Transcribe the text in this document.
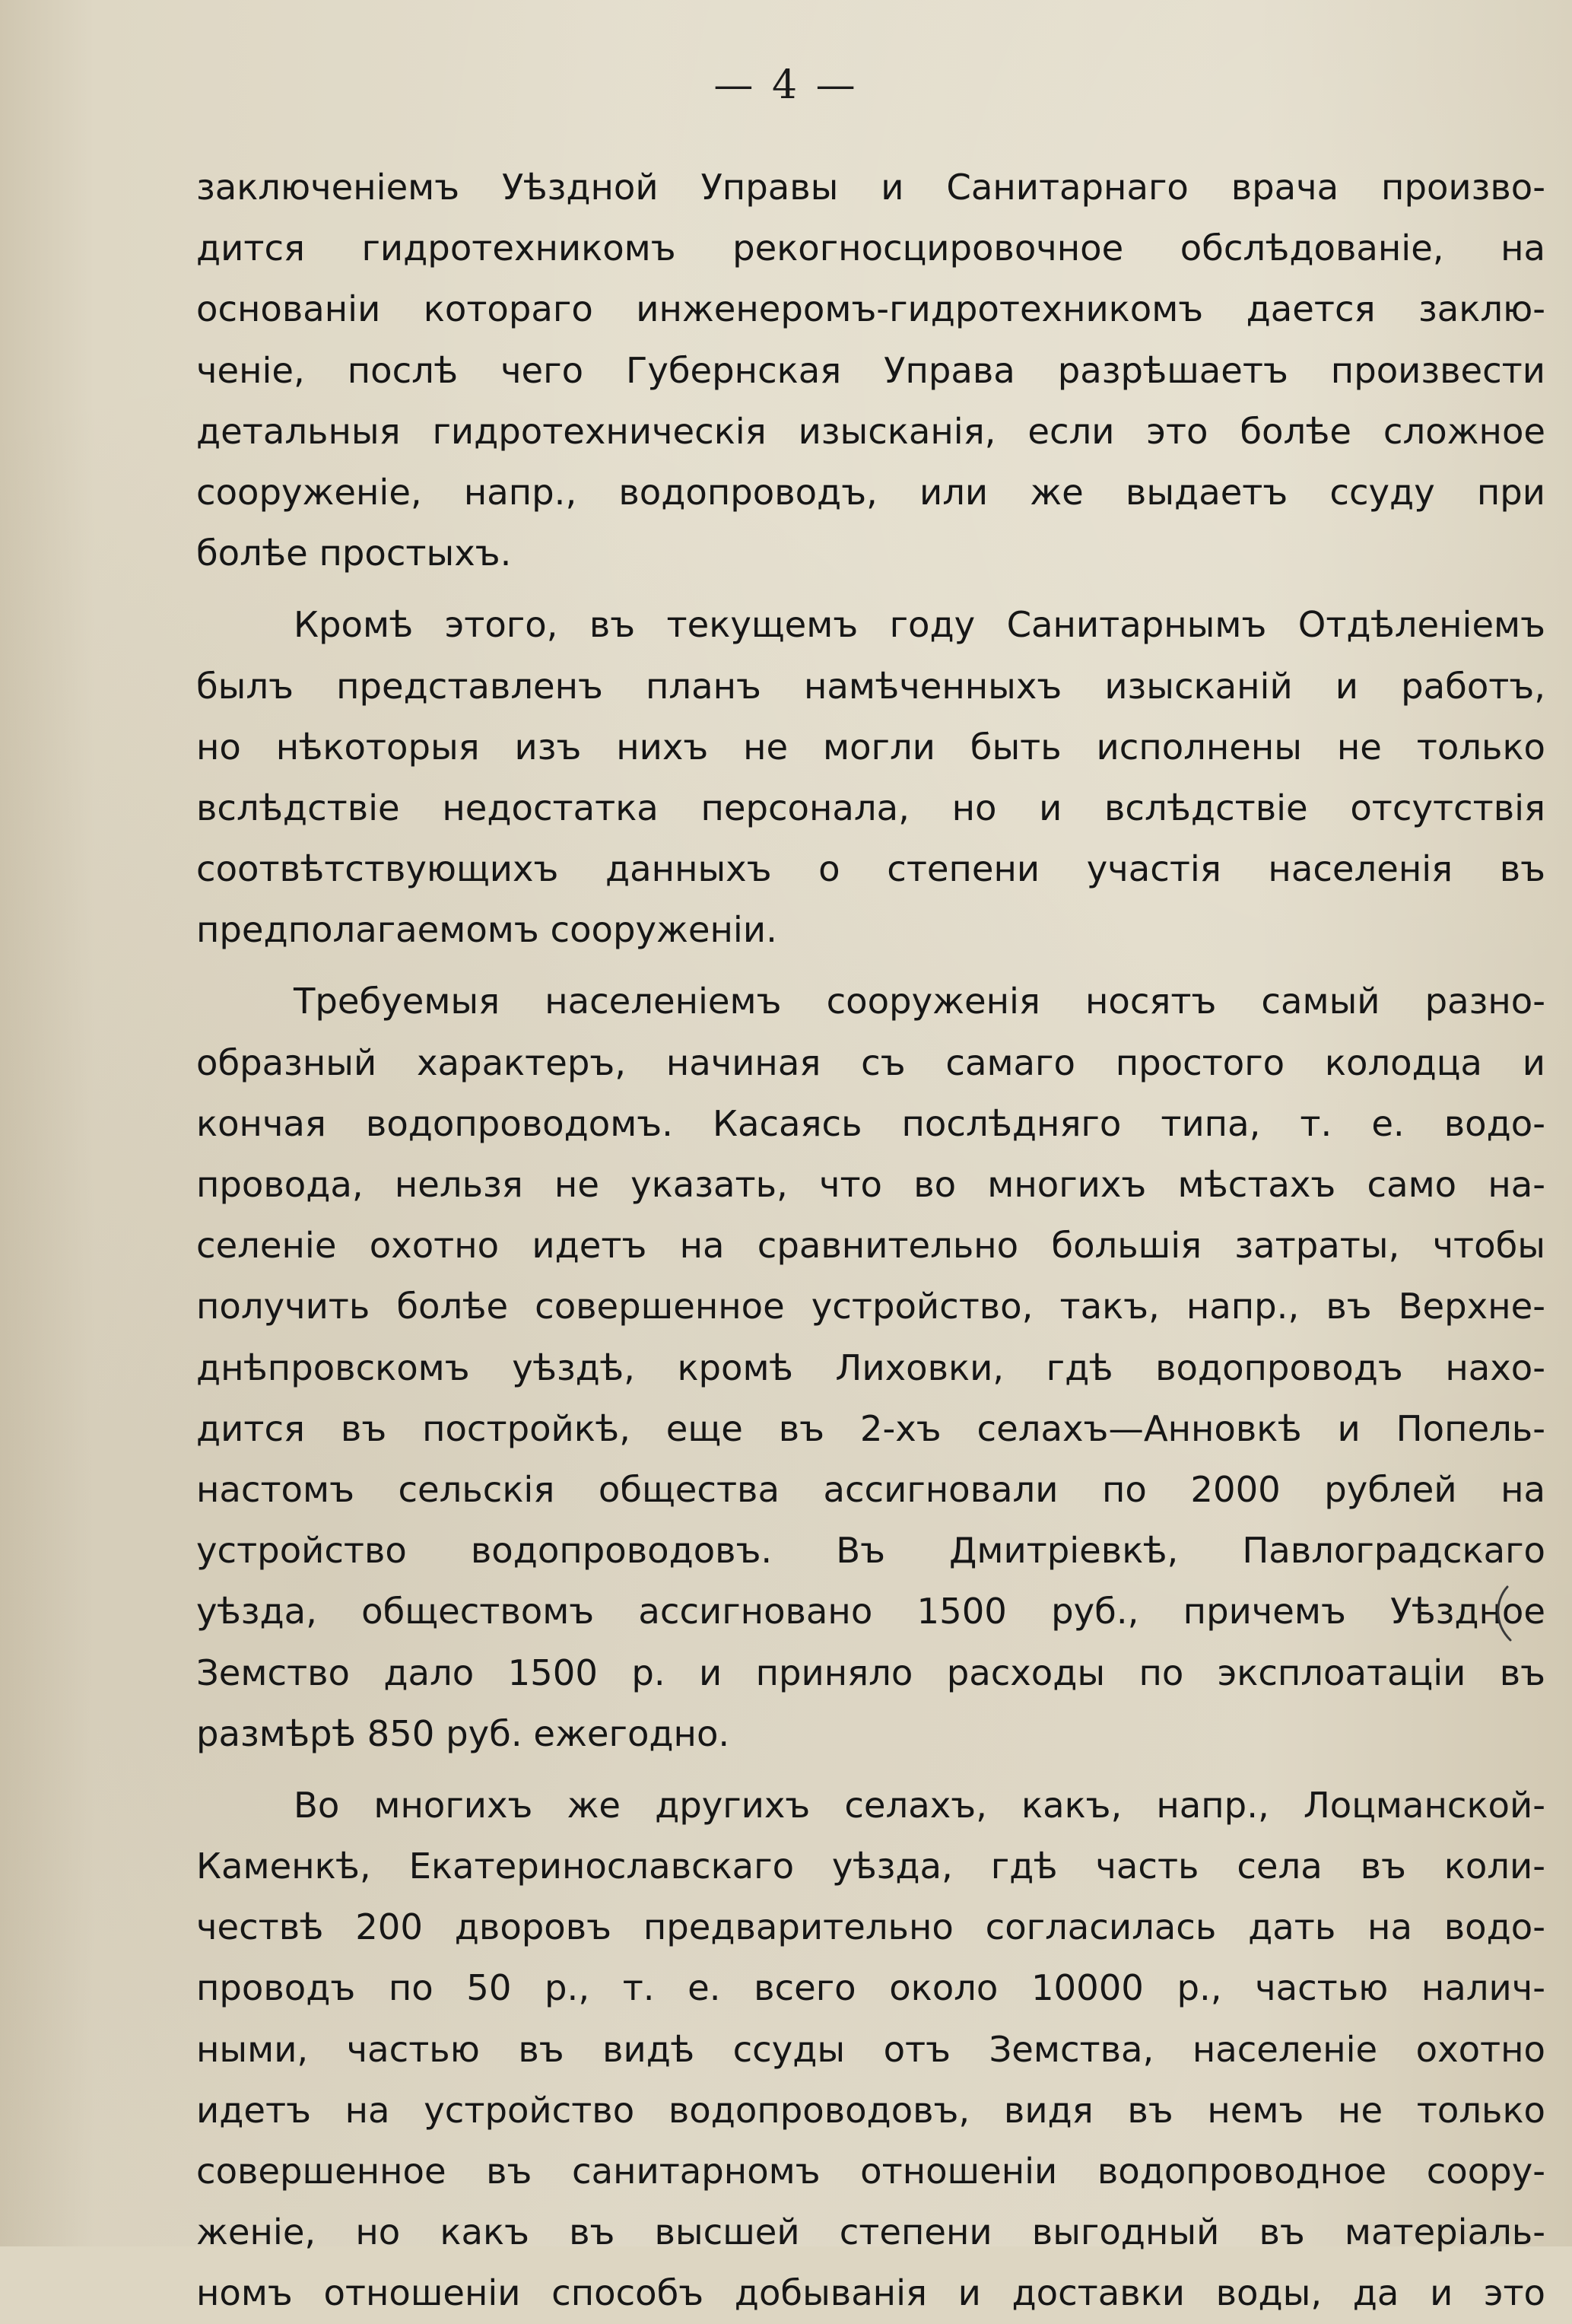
— 4 —
заключеніемъ Уѣздной Управы и Санитарнаго врача произво-
дится гидротехникомъ рекогносцировочное обслѣдованіе, на
основаніи котораго инженеромъ-гидротехникомъ дается заклю-
ченіе, послѣ чего Губернская Управа разрѣшаетъ произвести
детальныя гидротехническія изысканія, если это болѣе сложное
сооруженіе, напр., водопроводъ, или же выдаетъ ссуду при
болѣе простыхъ.
Кромѣ этого, въ текущемъ году Санитарнымъ Отдѣленіемъ
былъ представленъ планъ намѣченныхъ изысканій и работъ,
но нѣкоторыя изъ нихъ не могли быть исполнены не только
вслѣдствіе недостатка персонала, но и вслѣдствіе отсутствія
соотвѣтствующихъ данныхъ о степени участія населенія въ
предполагаемомъ сооруженіи.
Требуемыя населеніемъ сооруженія носятъ самый разно-
образный характеръ, начиная съ самаго простого колодца и
кончая водопроводомъ. Касаясь послѣдняго типа, т. е. водо-
провода, нельзя не указать, что во многихъ мѣстахъ само на-
селеніе охотно идетъ на сравнительно большія затраты, чтобы
получить болѣе совершенное устройство, такъ, напр., въ Верхне-
днѣпровскомъ уѣздѣ, кромѣ Лиховки, гдѣ водопроводъ нахо-
дится въ постройкѣ, еще въ 2-хъ селахъ—Анновкѣ и Попель-
настомъ сельскія общества ассигновали по 2000 рублей на
устройство водопроводовъ. Въ Дмитріевкѣ, Павлоградскаго
уѣзда, обществомъ ассигновано 1500 руб., причемъ Уѣздное
Земство дало 1500 р. и приняло расходы по эксплоатаціи въ
размѣрѣ 850 руб. ежегодно.
Во многихъ же другихъ селахъ, какъ, напр., Лоцманской-
Каменкѣ, Екатеринославскаго уѣзда, гдѣ часть села въ коли-
чествѣ 200 дворовъ предварительно согласилась дать на водо-
проводъ по 50 р., т. е. всего около 10000 р., частью налич-
ными, частью въ видѣ ссуды отъ Земства, населеніе охотно
идетъ на устройство водопроводовъ, видя въ немъ не только
совершенное въ санитарномъ отношеніи водопроводное соору-
женіе, но какъ въ высшей степени выгодный въ матеріаль-
номъ отношеніи способъ добыванія и доставки воды, да и это
